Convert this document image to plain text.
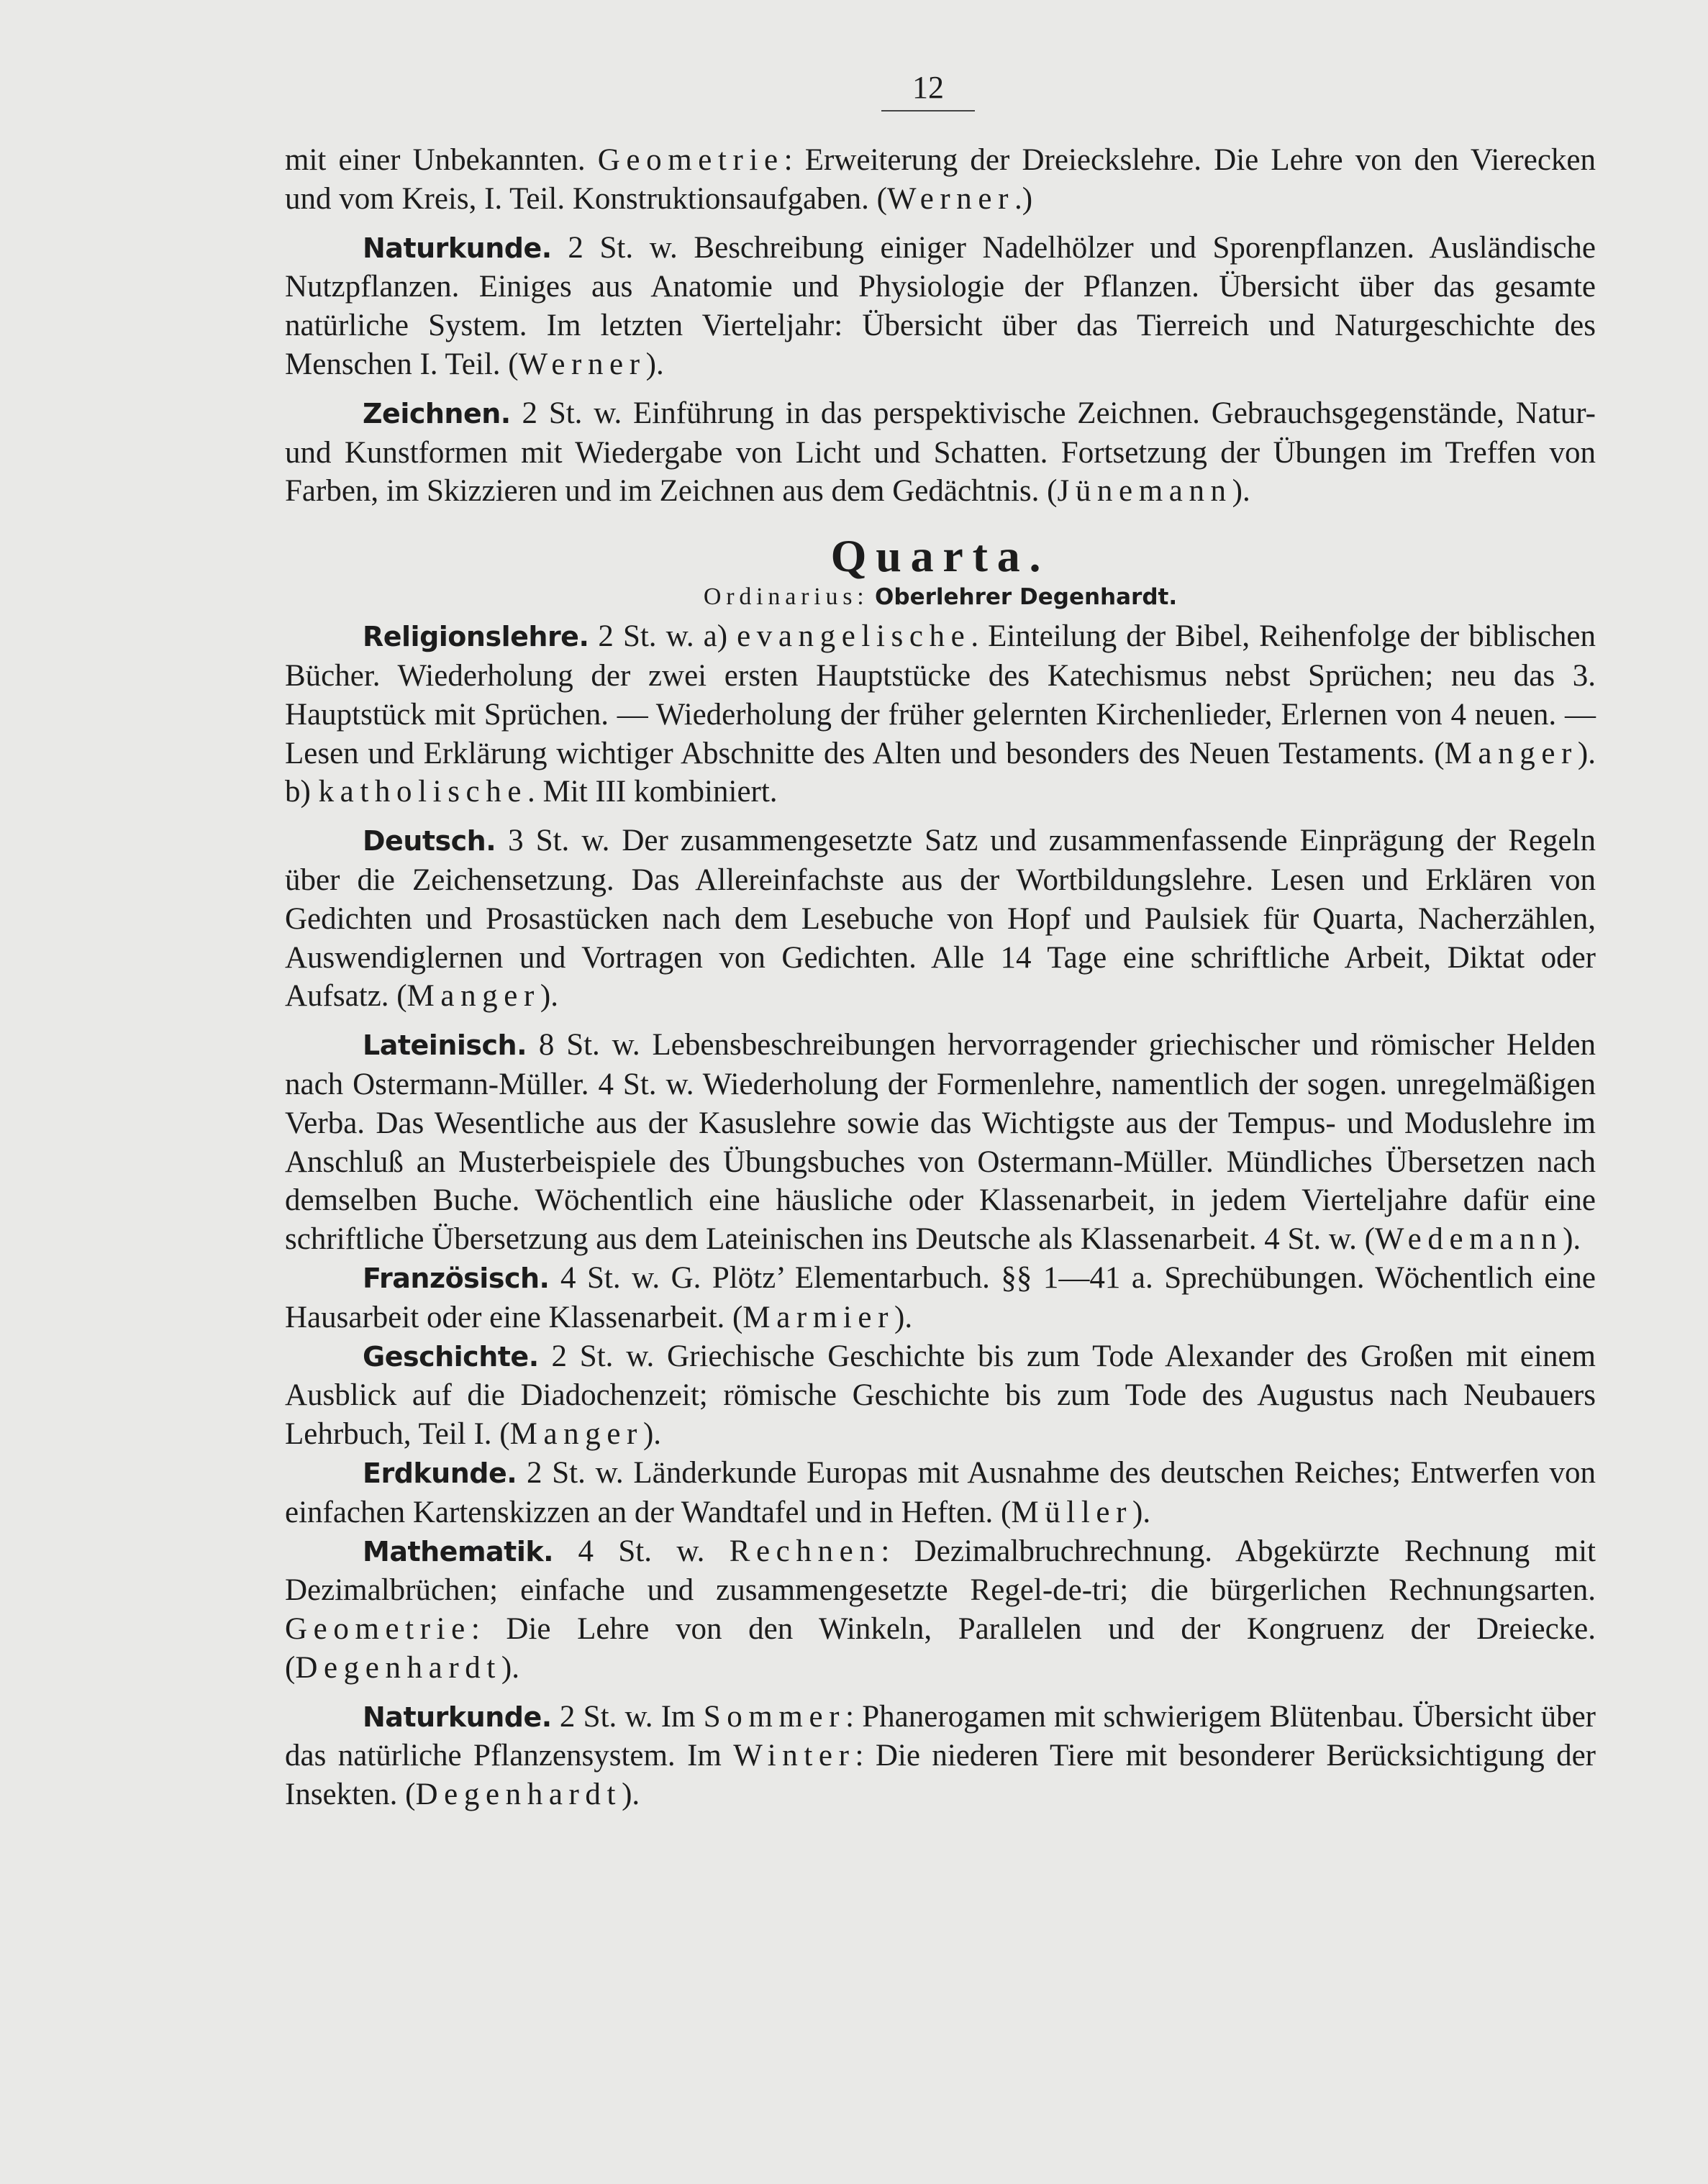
12

mit einer Unbekannten. Geometrie: Erweiterung der Dreieckslehre. Die Lehre von den Vierecken und vom Kreis, I. Teil. Konstruktionsaufgaben. (Werner.)

Naturkunde. 2 St. w. Beschreibung einiger Nadelhölzer und Sporenpflanzen. Ausländische Nutzpflanzen. Einiges aus Anatomie und Physiologie der Pflanzen. Übersicht über das gesamte natürliche System. Im letzten Vierteljahr: Übersicht über das Tierreich und Naturgeschichte des Menschen I. Teil. (Werner).

Zeichnen. 2 St. w. Einführung in das perspektivische Zeichnen. Gebrauchsgegenstände, Natur- und Kunstformen mit Wiedergabe von Licht und Schatten. Fortsetzung der Übungen im Treffen von Farben, im Skizzieren und im Zeichnen aus dem Gedächtnis. (Jünemann).

Quarta.
Ordinarius: Oberlehrer Degenhardt.

Religionslehre. 2 St. w. a) evangelische. Einteilung der Bibel, Reihenfolge der biblischen Bücher. Wiederholung der zwei ersten Hauptstücke des Katechismus nebst Sprüchen; neu das 3. Hauptstück mit Sprüchen. — Wiederholung der früher gelernten Kirchenlieder, Erlernen von 4 neuen. — Lesen und Erklärung wichtiger Abschnitte des Alten und besonders des Neuen Testaments. (Manger). b) katholische. Mit III kombiniert.

Deutsch. 3 St. w. Der zusammengesetzte Satz und zusammenfassende Einprägung der Regeln über die Zeichensetzung. Das Allereinfachste aus der Wortbildungslehre. Lesen und Erklären von Gedichten und Prosastücken nach dem Lesebuche von Hopf und Paulsiek für Quarta, Nacherzählen, Auswendiglernen und Vortragen von Gedichten. Alle 14 Tage eine schriftliche Arbeit, Diktat oder Aufsatz. (Manger).

Lateinisch. 8 St. w. Lebensbeschreibungen hervorragender griechischer und römischer Helden nach Ostermann-Müller. 4 St. w. Wiederholung der Formenlehre, namentlich der sogen. unregelmäßigen Verba. Das Wesentliche aus der Kasuslehre sowie das Wichtigste aus der Tempus- und Moduslehre im Anschluß an Musterbeispiele des Übungsbuches von Ostermann-Müller. Mündliches Übersetzen nach demselben Buche. Wöchentlich eine häusliche oder Klassenarbeit, in jedem Vierteljahre dafür eine schriftliche Übersetzung aus dem Lateinischen ins Deutsche als Klassenarbeit. 4 St. w. (Wedemann).

Französisch. 4 St. w. G. Plötz’ Elementarbuch. §§ 1—41 a. Sprechübungen. Wöchentlich eine Hausarbeit oder eine Klassenarbeit. (Marmier).

Geschichte. 2 St. w. Griechische Geschichte bis zum Tode Alexander des Großen mit einem Ausblick auf die Diadochenzeit; römische Geschichte bis zum Tode des Augustus nach Neubauers Lehrbuch, Teil I. (Manger).

Erdkunde. 2 St. w. Länderkunde Europas mit Ausnahme des deutschen Reiches; Entwerfen von einfachen Kartenskizzen an der Wandtafel und in Heften. (Müller).

Mathematik. 4 St. w. Rechnen: Dezimalbruchrechnung. Abgekürzte Rechnung mit Dezimalbrüchen; einfache und zusammengesetzte Regel-de-tri; die bürgerlichen Rechnungsarten. Geometrie: Die Lehre von den Winkeln, Parallelen und der Kongruenz der Dreiecke. (Degenhardt).

Naturkunde. 2 St. w. Im Sommer: Phanerogamen mit schwierigem Blütenbau. Übersicht über das natürliche Pflanzensystem. Im Winter: Die niederen Tiere mit besonderer Berücksichtigung der Insekten. (Degenhardt).
